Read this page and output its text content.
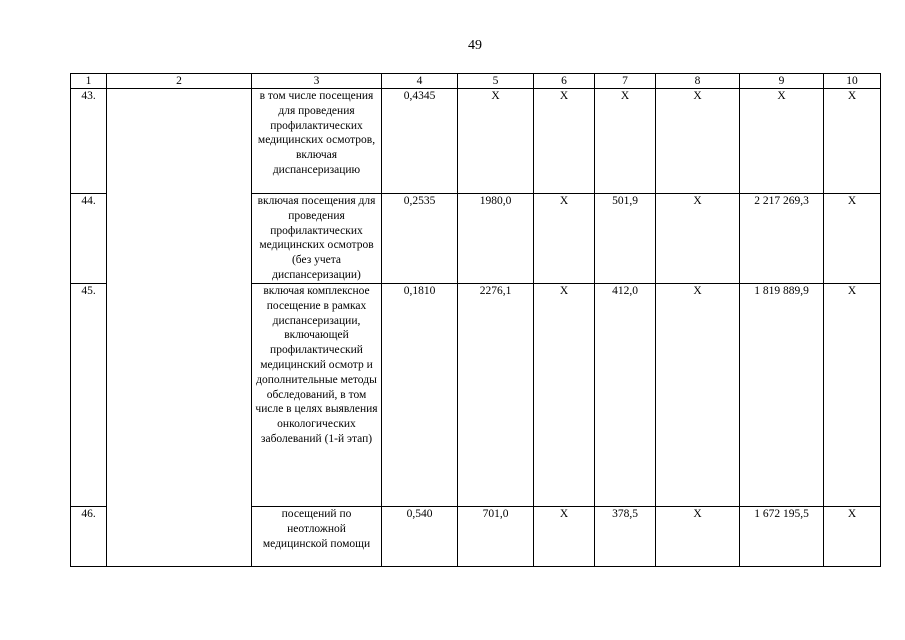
49
1	2	3	4	5	6	7	8	9	10
43.		в том числе посещения для проведения профилактических медицинских осмотров, включая диспансеризацию	0,4345	X	X	X	X	X	X
44.		включая посещения для проведения профилактических медицинских осмотров (без учета диспансеризации)	0,2535	1980,0	X	501,9	X	2 217 269,3	X
45.		включая комплексное посещение в рамках диспансеризации, включающей профилактический медицинский осмотр и дополнительные методы обследований, в том числе в целях выявления онкологических заболеваний (1-й этап)	0,1810	2276,1	X	412,0	X	1 819 889,9	X
46.		посещений по неотложной медицинской помощи	0,540	701,0	X	378,5	X	1 672 195,5	X
